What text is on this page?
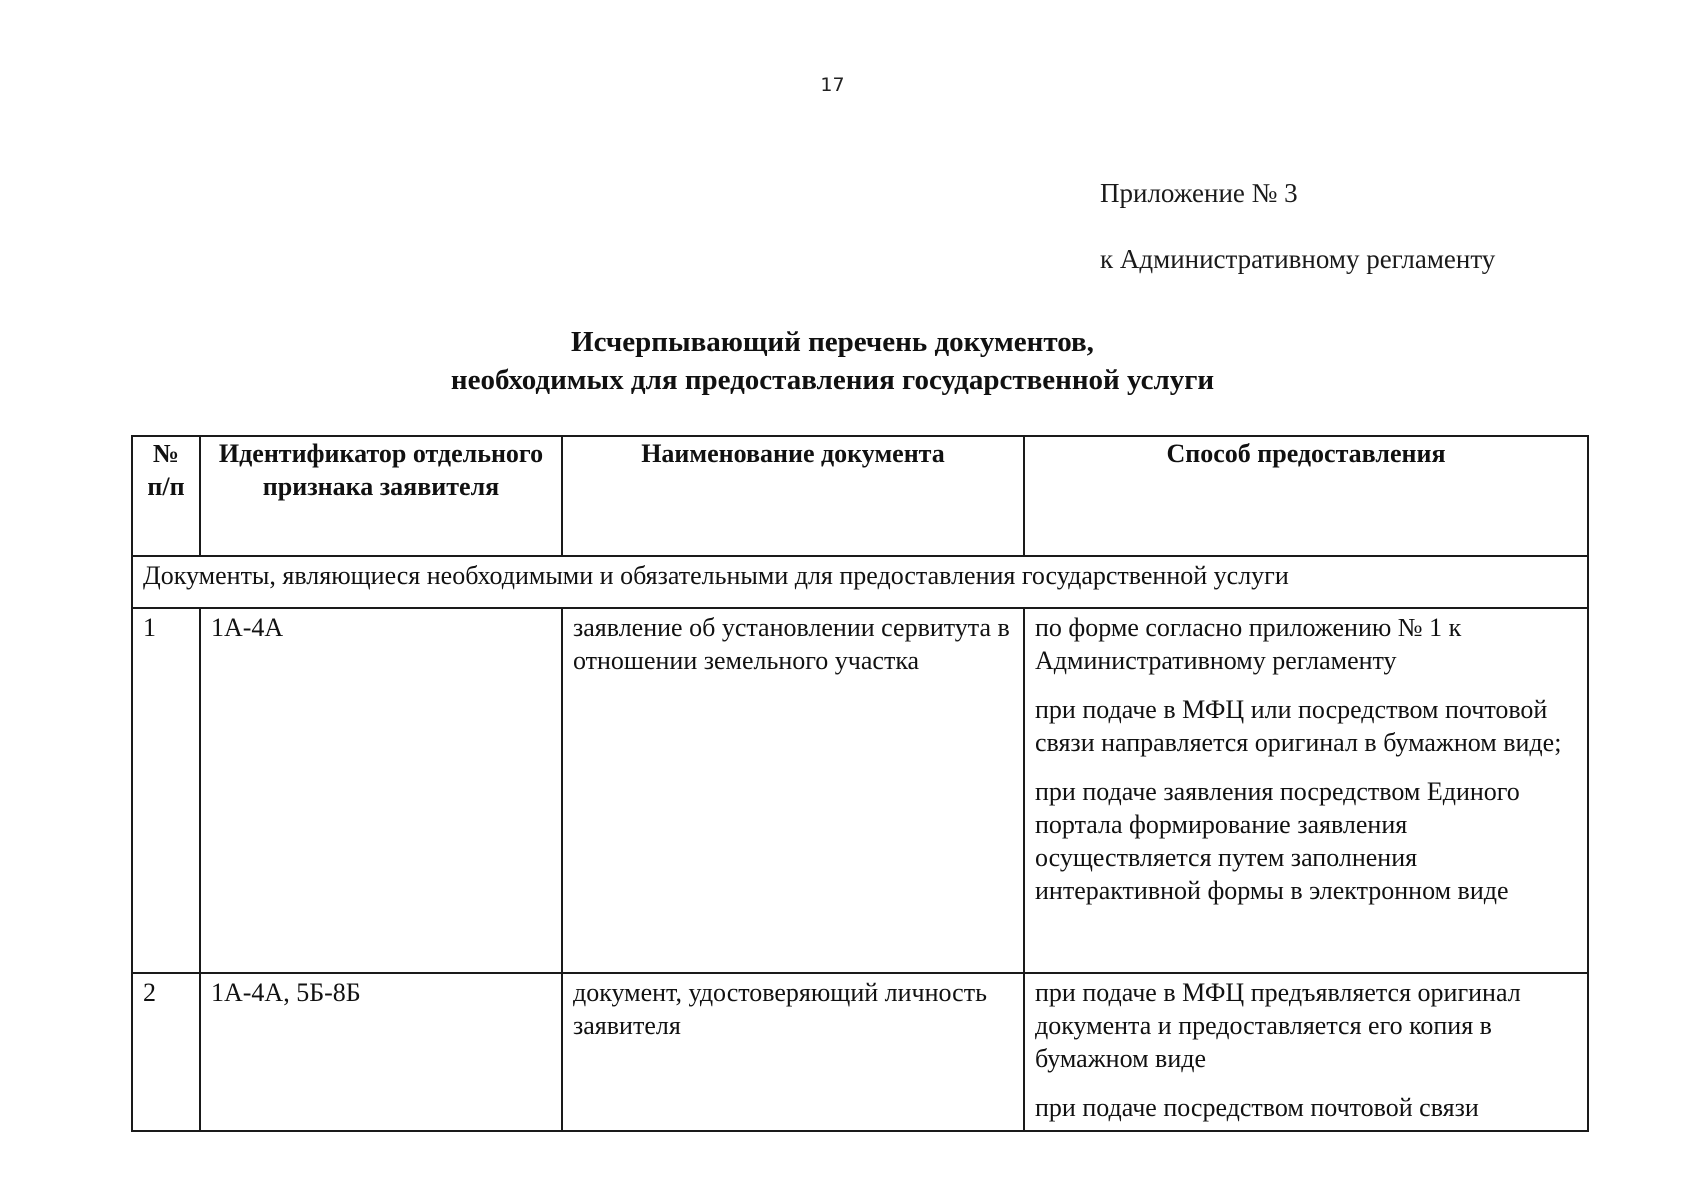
17
Приложение № 3
к Административному регламенту
Исчерпывающий перечень документов,
необходимых для предоставления государственной услуги
№
п/п	Идентификатор отдельного признака заявителя	Наименование документа	Способ предоставления
Документы, являющиеся необходимыми и обязательными для предоставления государственной услуги			
1	1А-4А	заявление об установлении сервитута в отношении земельного участка	по форме согласно приложению № 1 к Административному регламенту

при подаче в МФЦ или посредством почтовой связи направляется оригинал в бумажном виде;

при подаче заявления посредством Единого портала формирование заявления осуществляется путем заполнения интерактивной формы в электронном виде

2	1А-4А, 5Б-8Б	документ, удостоверяющий личность заявителя	при подаче в МФЦ предъявляется оригинал документа и предоставляется его копия в бумажном виде

при подаче посредством почтовой связи
